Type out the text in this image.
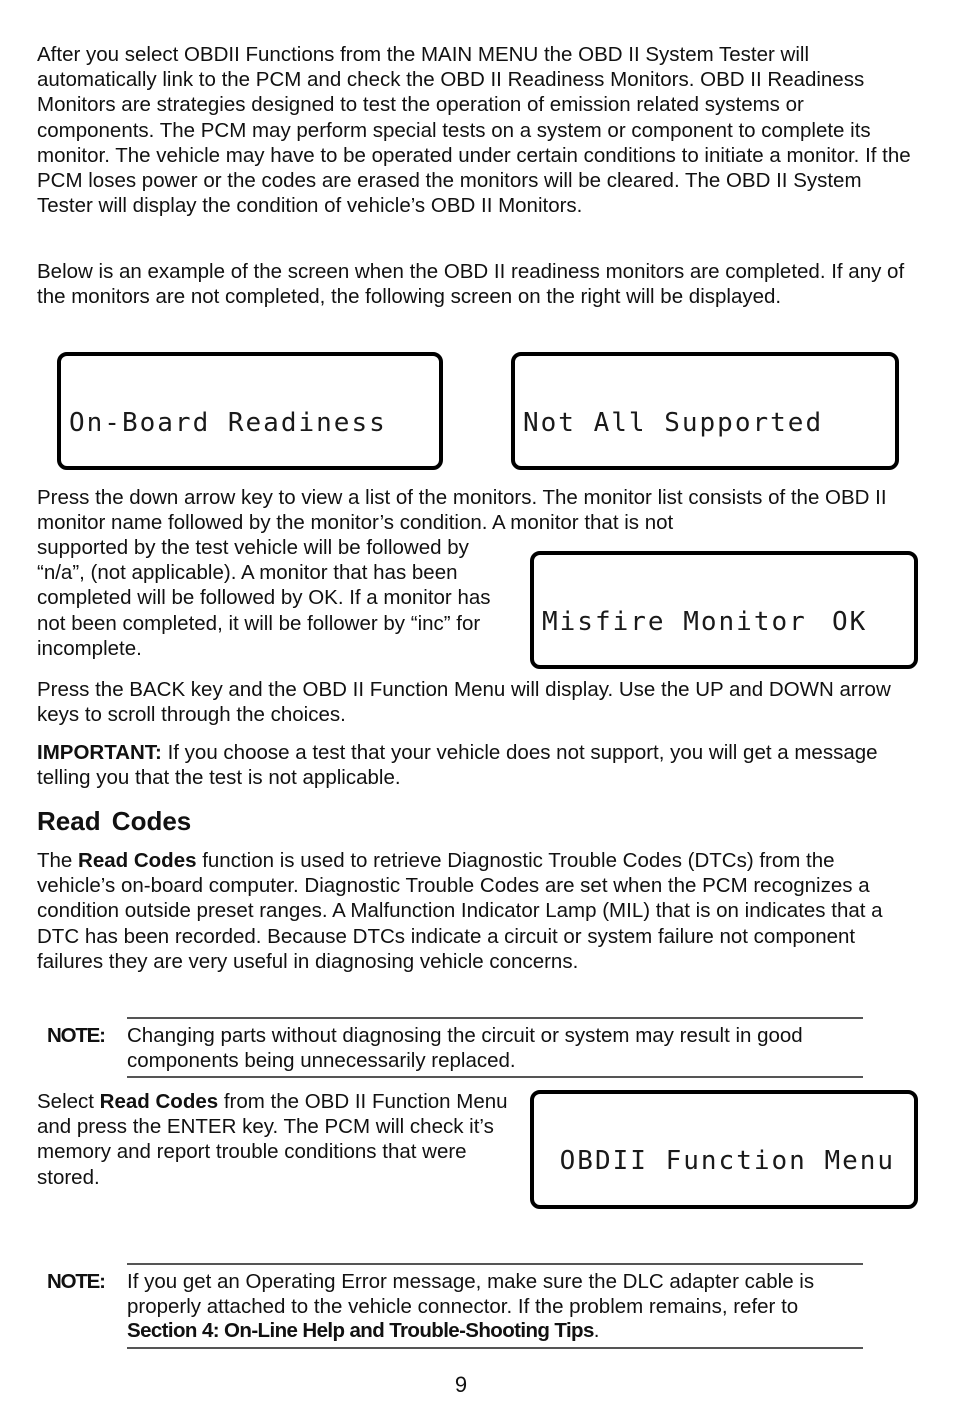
After you select OBDII Functions from the MAIN MENU the OBD II System Tester will automatically link to the PCM and check the OBD II Readiness Monitors. OBD II Readiness Monitors are strategies designed to test the operation of emission related systems or components. The PCM may perform special tests on a system or component to complete its monitor. The vehicle may have to be operated under certain conditions to initiate a monitor. If the PCM loses power or the codes are erased the monitors will be cleared. The OBD II System Tester will display the condition of vehicle’s OBD II Monitors.

Below is an example of the screen when the OBD II readiness monitors are completed. If any of the monitors are not completed, the following screen on the right will be displayed.

On-Board Readiness

	Not All Supported

Press the down arrow key to view a list of the monitors. The monitor list consists of the OBD II monitor name followed by the monitor’s condition. A monitor that is not

supported by the test vehicle will be followed by “n/a”, (not applicable). A monitor that has been completed will be followed by OK. If a monitor has not been completed, it will be follower by “inc” for incomplete.

Misfire Monitor OK

Press the BACK key and the OBD II Function Menu will display. Use the UP and DOWN arrow keys to scroll through the choices.

IMPORTANT: If you choose a test that your vehicle does not support, you will get a message telling you that the test is not applicable.

Read Codes

The Read Codes function is used to retrieve Diagnostic Trouble Codes (DTCs) from the vehicle’s on-board computer. Diagnostic Trouble Codes are set when the PCM recognizes a condition outside preset ranges. A Malfunction Indicator Lamp (MIL) that is on indicates that a DTC has been recorded. Because DTCs indicate a circuit or system failure not component failures they are very useful in diagnosing vehicle concerns.

NOTE: Changing parts without diagnosing the circuit or system may result in good components being unnecessarily replaced.

Select Read Codes from the OBD II Function Menu and press the ENTER key. The PCM will check it’s memory and report trouble conditions that were stored.

OBDII Function Menu

NOTE: If you get an Operating Error message, make sure the DLC adapter cable is properly attached to the vehicle connector. If the problem remains, refer to Section 4: On-Line Help and Trouble-Shooting Tips.
9
